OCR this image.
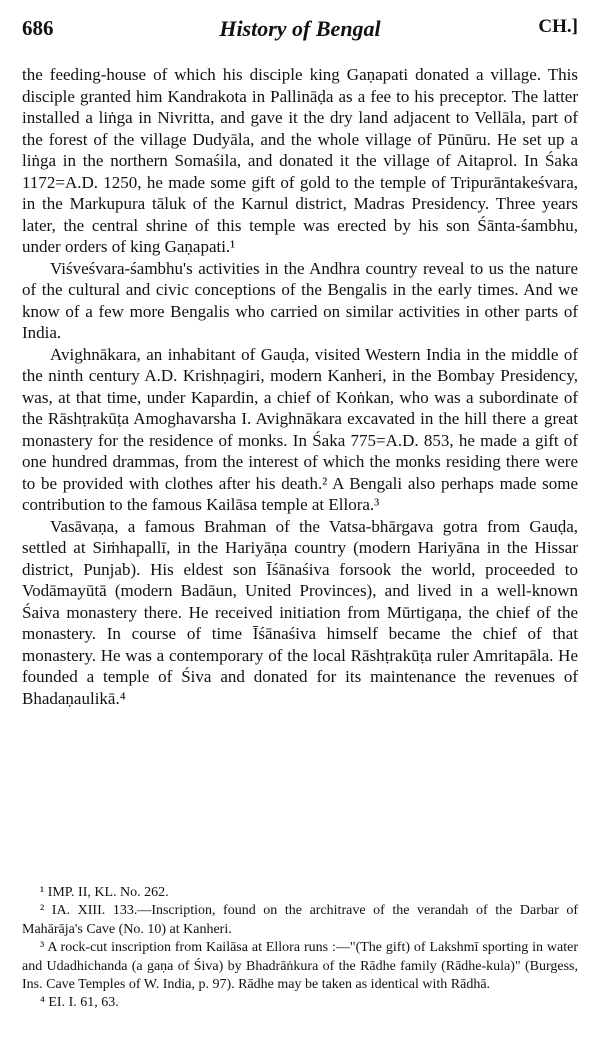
686	History of Bengal	CH.]

the feeding-house of which his disciple king Gaṇapati donated a village. This disciple granted him Kandrakota in Pallināḍa as a fee to his preceptor. The latter installed a liṅga in Nivritta, and gave it the dry land adjacent to Vellāla, part of the forest of the village Dudyāla, and the whole village of Pūnūru. He set up a liṅga in the northern Somaśila, and donated it the village of Aitaprol. In Śaka 1172=A.D. 1250, he made some gift of gold to the temple of Tripurāntakeśvara, in the Markupura tāluk of the Karnul district, Madras Presidency. Three years later, the central shrine of this temple was erected by his son Śānta-śambhu, under orders of king Gaṇapati.¹

Viśveśvara-śambhu's activities in the Andhra country reveal to us the nature of the cultural and civic conceptions of the Bengalis in the early times. And we know of a few more Bengalis who carried on similar activities in other parts of India.

Avighnākara, an inhabitant of Gauḍa, visited Western India in the middle of the ninth century A.D. Krishṇagiri, modern Kanheri, in the Bombay Presidency, was, at that time, under Kapardin, a chief of Koṅkan, who was a subordinate of the Rāshṭrakūṭa Amoghavarsha I. Avighnākara excavated in the hill there a great monastery for the residence of monks. In Śaka 775=A.D. 853, he made a gift of one hundred drammas, from the interest of which the monks residing there were to be provided with clothes after his death.² A Bengali also perhaps made some contribution to the famous Kailāsa temple at Ellora.³

Vasāvaṇa, a famous Brahman of the Vatsa-bhārgava gotra from Gauḍa, settled at Siṁhapallī, in the Hariyāṇa country (modern Hariyāna in the Hissar district, Punjab). His eldest son Īśānaśiva forsook the world, proceeded to Vodāmayūtā (modern Badāun, United Provinces), and lived in a well-known Śaiva monastery there. He received initiation from Mūrtigaṇa, the chief of the monastery. In course of time Īśānaśiva himself became the chief of that monastery. He was a contemporary of the local Rāshṭrakūṭa ruler Amritapāla. He founded a temple of Śiva and donated for its maintenance the revenues of Bhadaṇaulikā.⁴

¹ IMP. II, KL. No. 262.

² IA. XIII. 133.—Inscription, found on the architrave of the verandah of the Darbar of Mahārāja's Cave (No. 10) at Kanheri.

³ A rock-cut inscription from Kailāsa at Ellora runs :—"(The gift) of Lakshmī sporting in water and Udadhichanda (a gaṇa of Śiva) by Bhadrāṅkura of the Rādhe family (Rādhe-kula)" (Burgess, Ins. Cave Temples of W. India, p. 97). Rādhe may be taken as identical with Rādhā.

⁴ EI. I. 61, 63.
